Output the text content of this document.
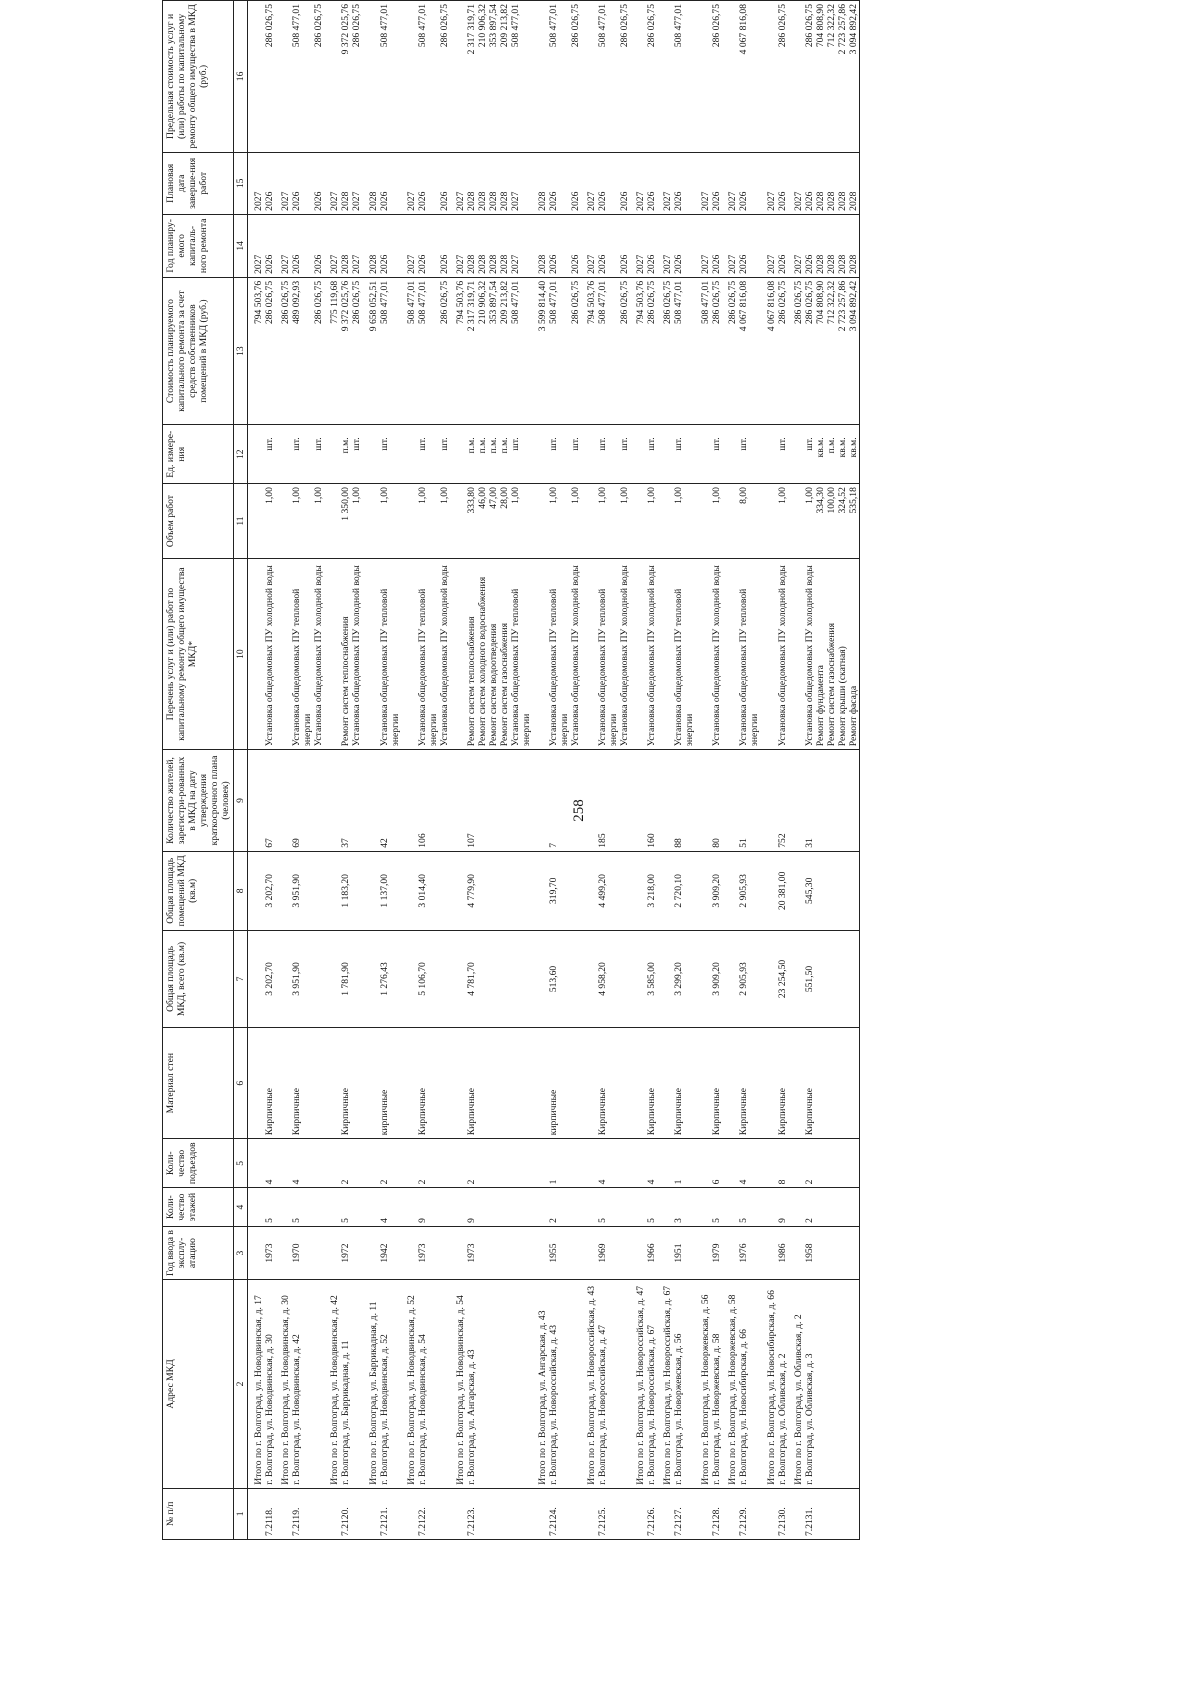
258
№ п/п	Адрес МКД	Год ввода в эксплу-атацию	Коли-чество этажей	Коли-чество подъездов	Материал стен	Общая площадь МКД, всего (кв.м)	Общая площадь помещений МКД (кв.м)	Количество жителей, зарегистри-рованных в МКД на дату утверждения краткосрочного плана (человек)	Перечень услуг и (или) работ по капитальному ремонту общего имущества МКД*	Объем работ	Ед. измере-ния	Стоимость планируемого капитального ремонта за счет средств собственников помещений в МКД (руб.)	Год планиру-емого капиталь-ного ремонта	Плановая дата заверше-ния работ	Предельная стоимость услуг и (или) работы по капитальному ремонту общего имущества в МКД (руб.)
1	2	3	4	5	6	7	8	9	10	11	12	13	14	15	16
	Итого по г. Волгоград, ул. Новодвинская, д. 17											794 503,76	2027	2027	
7.2118.	г. Волгоград, ул. Новодвинская, д. 30	1973	5	4	Кирпичные	3 202,70	3 202,70	67	Установка общедомовых ПУ холодной воды	1,00	шт.	286 026,75	2026	2026	286 026,75
	Итого по г. Волгоград, ул. Новодвинская, д. 30											286 026,75	2027	2027	
7.2119.	г. Волгоград, ул. Новодвинская, д. 42	1970	5	4	Кирпичные	3 951,90	3 951,90	69	Установка общедомовых ПУ тепловой энергии	1,00	шт.	489 092,93	2026	2026	508 477,01
									Установка общедомовых ПУ холодной воды	1,00	шт.	286 026,75	2026	2026	286 026,75
	Итого по г. Волгоград, ул. Новодвинская, д. 42											775 119,68	2027	2027	
7.2120.	г. Волгоград, ул. Баррикадная, д. 11	1972	5	2	Кирпичные	1 781,90	1 183,20	37	Ремонт систем теплоснабжения	1 350,00	п.м.	9 372 025,76	2028	2028	9 372 025,76
									Установка общедомовых ПУ холодной воды	1,00	шт.	286 026,75	2027	2027	286 026,75
	Итого по г. Волгоград, ул. Баррикадная, д. 11											9 658 052,51	2028	2028	
7.2121.	г. Волгоград, ул. Новодвинская, д. 52	1942	4	2	кирпичные	1 276,43	1 137,00	42	Установка общедомовых ПУ тепловой энергии	1,00	шт.	508 477,01	2026	2026	508 477,01
	Итого по г. Волгоград, ул. Новодвинская, д. 52											508 477,01	2027	2027	
7.2122.	г. Волгоград, ул. Новодвинская, д. 54	1973	9	2	Кирпичные	5 106,70	3 014,40	106	Установка общедомовых ПУ тепловой энергии	1,00	шт.	508 477,01	2026	2026	508 477,01
									Установка общедомовых ПУ холодной воды	1,00	шт.	286 026,75	2026	2026	286 026,75
	Итого по г. Волгоград, ул. Новодвинская, д. 54											794 503,76	2027	2027	
7.2123.	г. Волгоград, ул. Ангарская, д. 43	1973	9	2	Кирпичные	4 781,70	4 779,90	107	Ремонт систем теплоснабжения	333,80	п.м.	2 317 319,71	2028	2028	2 317 319,71
									Ремонт систем холодного водоснабжения	46,00	п.м.	210 906,32	2028	2028	210 906,32
									Ремонт систем водоотведения	47,00	п.м.	353 897,54	2028	2028	353 897,54
									Ремонт систем газоснабжения	28,00	п.м.	209 213,82	2028	2028	209 213,82
									Установка общедомовых ПУ тепловой энергии	1,00	шт.	508 477,01	2027	2027	508 477,01
	Итого по г. Волгоград, ул. Ангарская, д. 43											3 599 814,40	2028	2028	
7.2124.	г. Волгоград, ул. Новороссийская, д. 43	1955	2	1	кирпичные	513,60	319,70	7	Установка общедомовых ПУ тепловой энергии	1,00	шт.	508 477,01	2026	2026	508 477,01
									Установка общедомовых ПУ холодной воды	1,00	шт.	286 026,75	2026	2026	286 026,75
	Итого по г. Волгоград, ул. Новороссийская, д. 43											794 503,76	2027	2027	
7.2125.	г. Волгоград, ул. Новороссийская, д. 47	1969	5	4	Кирпичные	4 958,20	4 499,20	185	Установка общедомовых ПУ тепловой энергии	1,00	шт.	508 477,01	2026	2026	508 477,01
									Установка общедомовых ПУ холодной воды	1,00	шт.	286 026,75	2026	2026	286 026,75
	Итого по г. Волгоград, ул. Новороссийская, д. 47											794 503,76	2027	2027	
7.2126.	г. Волгоград, ул. Новороссийская, д. 67	1966	5	4	Кирпичные	3 585,00	3 218,00	160	Установка общедомовых ПУ холодной воды	1,00	шт.	286 026,75	2026	2026	286 026,75
	Итого по г. Волгоград, ул. Новороссийская, д. 67											286 026,75	2027	2027	
7.2127.	г. Волгоград, ул. Новоржевская, д. 56	1951	3	1	Кирпичные	3 299,20	2 720,10	88	Установка общедомовых ПУ тепловой энергии	1,00	шт.	508 477,01	2026	2026	508 477,01
	Итого по г. Волгоград, ул. Новоржевская, д. 56											508 477,01	2027	2027	
7.2128.	г. Волгоград, ул. Новоржевская, д. 58	1979	5	6	Кирпичные	3 909,20	3 909,20	80	Установка общедомовых ПУ холодной воды	1,00	шт.	286 026,75	2026	2026	286 026,75
	Итого по г. Волгоград, ул. Новоржевская, д. 58											286 026,75	2027	2027	
7.2129.	г. Волгоград, ул. Новосибирская, д. 66	1976	5	4	Кирпичные	2 905,93	2 905,93	51	Установка общедомовых ПУ тепловой энергии	8,00	шт.	4 067 816,08	2026	2026	4 067 816,08
	Итого по г. Волгоград, ул. Новосибирская, д. 66											4 067 816,08	2027	2027	
7.2130.	г. Волгоград, ул. Обливская, д. 2	1986	9	8	Кирпичные	23 254,50	20 381,00	752	Установка общедомовых ПУ холодной воды	1,00	шт.	286 026,75	2026	2026	286 026,75
	Итого по г. Волгоград, ул. Обливская, д. 2											286 026,75	2027	2027	
7.2131.	г. Волгоград, ул. Обливская, д. 3	1958	2	2	Кирпичные	551,50	545,30	31	Установка общедомовых ПУ холодной воды	1,00	шт.	286 026,75	2026	2026	286 026,75
									Ремонт фундамента	334,30	кв.м.	704 808,90	2028	2028	704 808,90
									Ремонт систем газоснабжения	100,00	п.м.	712 322,32	2028	2028	712 322,32
									Ремонт крыши (скатная)	324,52	кв.м.	2 723 257,86	2028	2028	2 723 257,86
									Ремонт фасада	535,18	кв.м.	3 094 892,42	2028	2028	3 094 892,42
